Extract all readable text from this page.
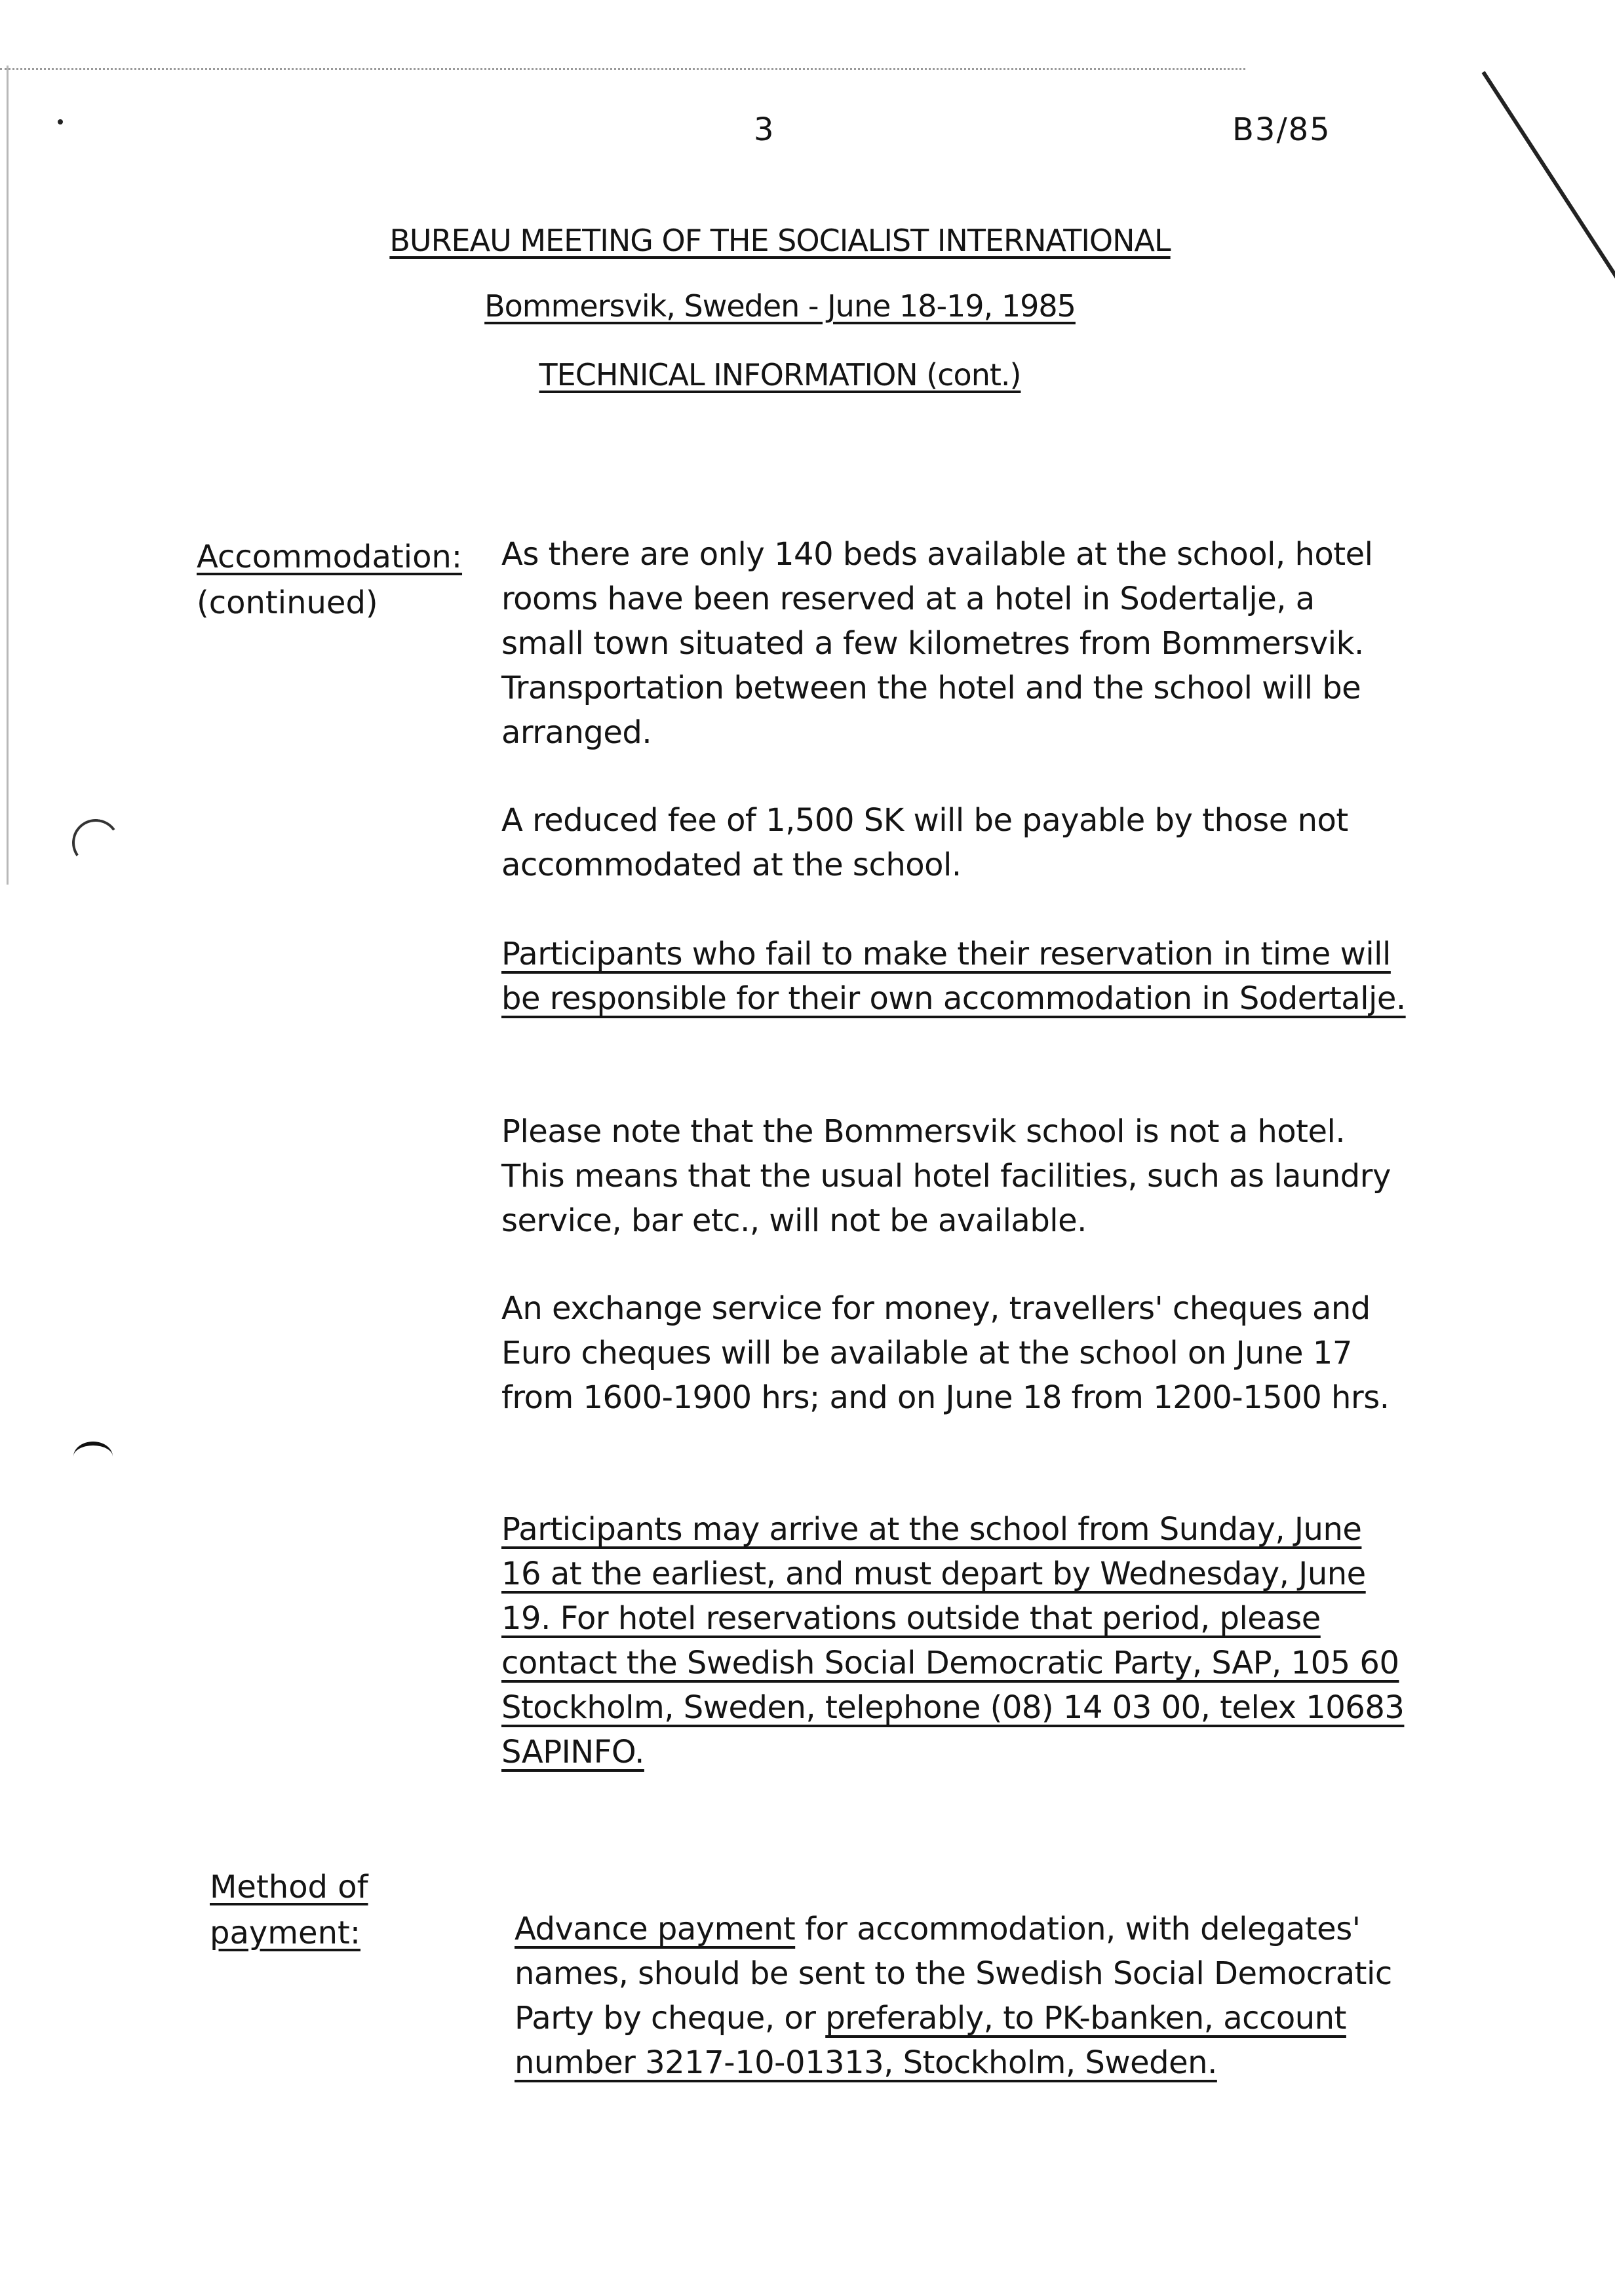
3	B3/85
BUREAU MEETING OF THE SOCIALIST INTERNATIONAL
Bommersvik, Sweden - June 18-19, 1985
TECHNICAL INFORMATION (cont.)
Accommodation:
(continued)

As there are only 140 beds available at the school, hotel rooms have been reserved at a hotel in Sodertalje, a small town situated a few kilometres from Bommersvik. Transportation between the hotel and the school will be arranged.

A reduced fee of 1,500 SK will be payable by those not accommodated at the school.

Participants who fail to make their reservation in time will be responsible for their own accommodation in Sodertalje.

Please note that the Bommersvik school is not a hotel. This means that the usual hotel facilities, such as laundry service, bar etc., will not be available.

An exchange service for money, travellers' cheques and Euro cheques will be available at the school on June 17 from 1600-1900 hrs; and on June 18 from 1200-1500 hrs.

Participants may arrive at the school from Sunday, June 16 at the earliest, and must depart by Wednesday, June 19. For hotel reservations outside that period, please contact the Swedish Social Democratic Party, SAP, 105 60 Stockholm, Sweden, telephone (08) 14 03 00, telex 10683 SAPINFO.

Method of
payment:	Advance payment for accommodation, with delegates' names, should be sent to the Swedish Social Democratic Party by cheque, or preferably, to PK-banken, account number 3217-10-01313, Stockholm, Sweden.
